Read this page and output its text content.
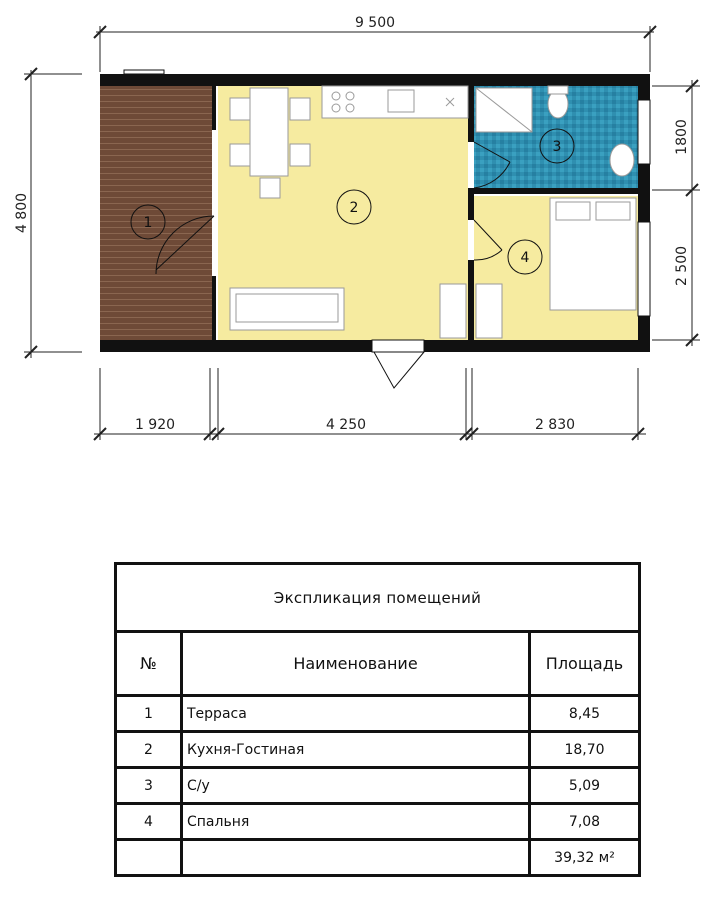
9 500
4 800
1800
2 500
1 920	4 250	2 830
1
2
3
4
Экспликация помещений		
№	Наименование	Площадь
1	Терраса	8,45
2	Кухня-Гостиная	18,70
3	С/у	5,09
4	Спальня	7,08
		39,32 м²
